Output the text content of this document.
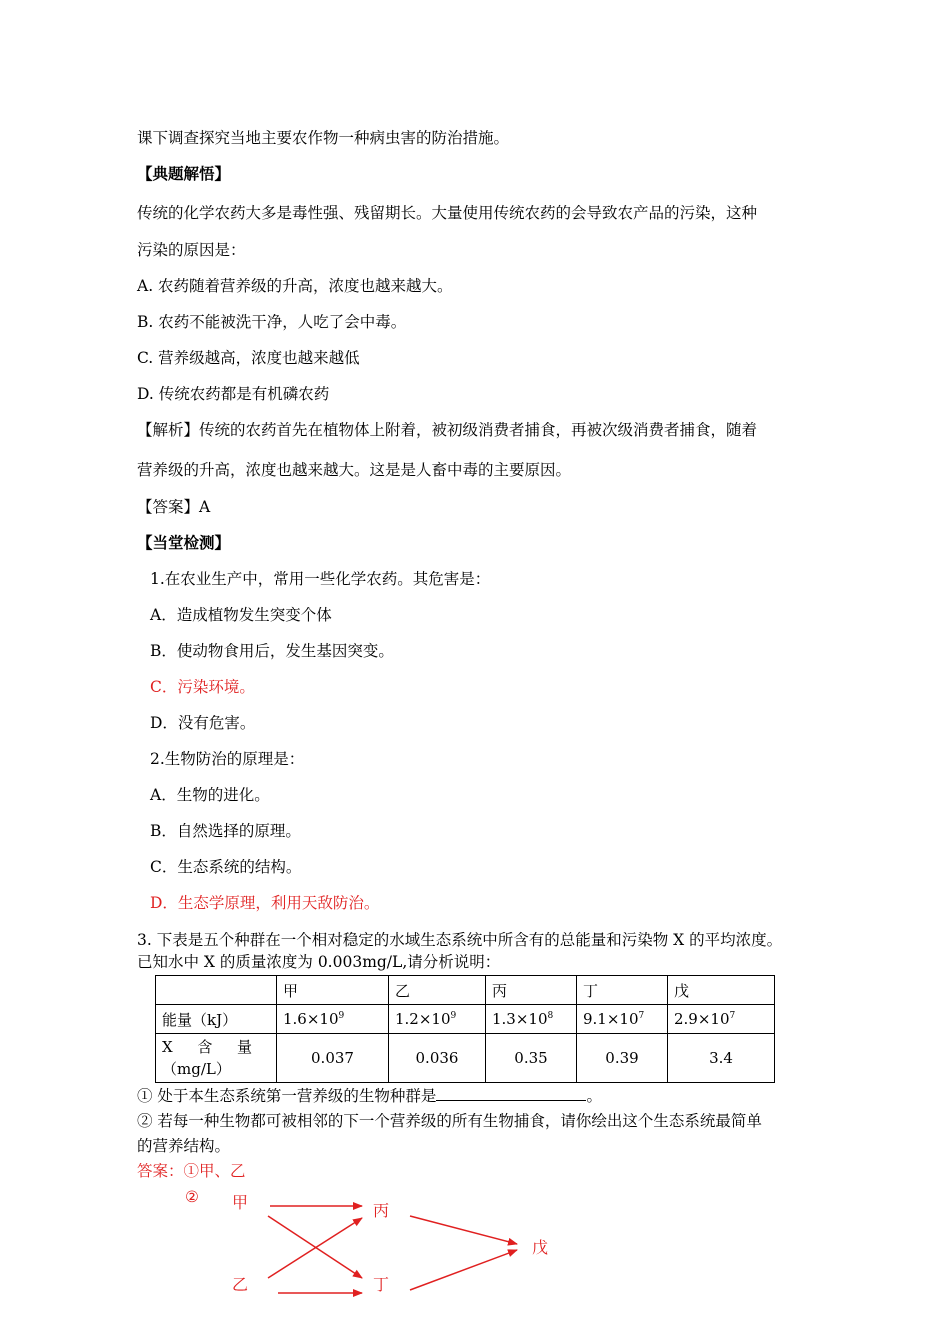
课下调查探究当地主要农作物一种病虫害的防治措施。
【典题解悟】
传统的化学农药大多是毒性强、残留期长。大量使用传统农药的会导致农产品的污染，这种
污染的原因是：
A. 农药随着营养级的升高，浓度也越来越大。
B. 农药不能被洗干净，人吃了会中毒。
C. 营养级越高，浓度也越来越低
D. 传统农药都是有机磷农药
【解析】传统的农药首先在植物体上附着，被初级消费者捕食，再被次级消费者捕食，随着
营养级的升高，浓度也越来越大。这是是人畜中毒的主要原因。
【答案】A
【当堂检测】
1.在农业生产中，常用一些化学农药。其危害是：
A．造成植物发生突变个体
B．使动物食用后，发生基因突变。
C．污染环境。
D．没有危害。
2.生物防治的原理是：
A．生物的进化。
B．自然选择的原理。
C．生态系统的结构。
D．生态学原理，利用天敌防治。
3. 下表是五个种群在一个相对稳定的水域生态系统中所含有的总能量和污染物 X 的平均浓度。
已知水中 X 的质量浓度为 0.003mg/L,请分析说明：
	甲	乙	丙	丁	戊
能量（kJ）	$1.6\times 10^9$	$1.2\times 10^9$	$1.3\times 10^8$	$9.1\times 10^7$	$2.9\times 10^7$

X 含 量
（mg/L）	0.037	0.036	0.35	0.39	3.4
① 处于本生态系统第一营养级的生物种群是	。
② 若每一种生物都可被相邻的下一个营养级的所有生物捕食，请你绘出这个生态系统最简单
的营养结构。
答案：①甲、乙
② 甲
乙
丙
丁
戊
